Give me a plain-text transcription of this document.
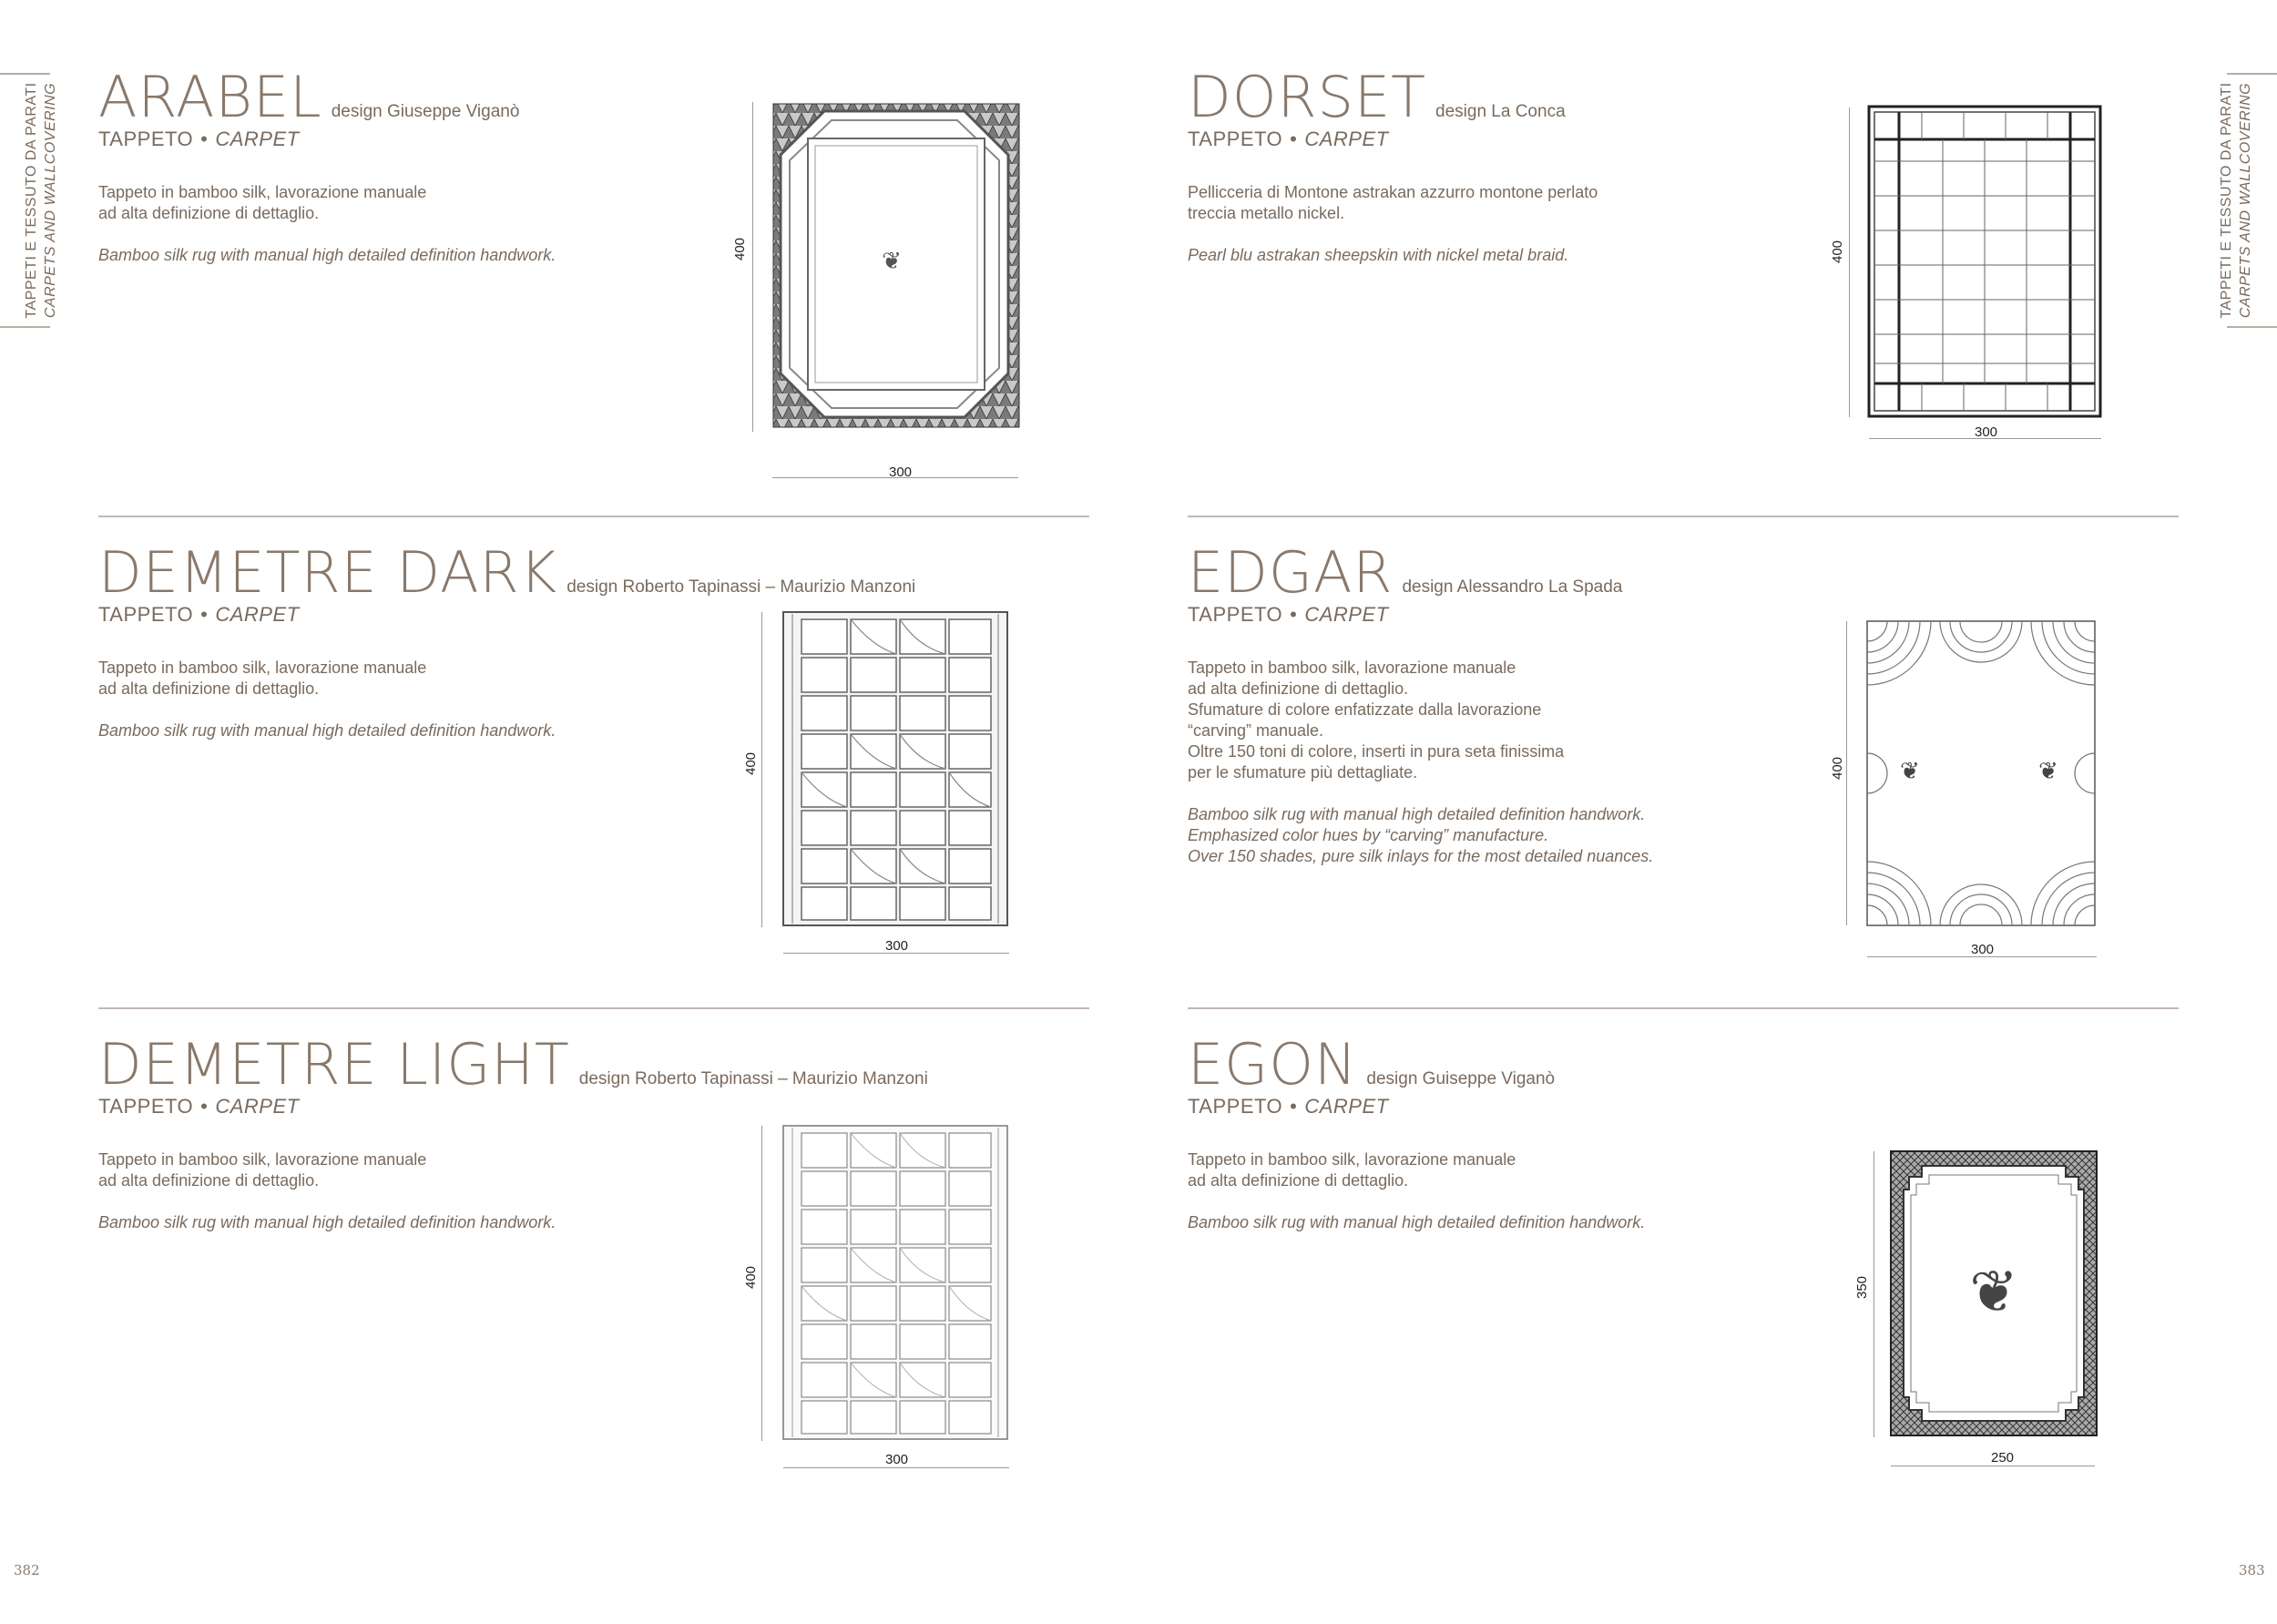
TAPPETI E TESSUTO DA PARATI CARPETS AND WALLCOVERING	TAPPETI E TESSUTO DA PARATI CARPETS AND WALLCOVERING
382	383
ARABEL design Giuseppe Viganò
TAPPETO • CARPET

Tappeto in bamboo silk, lavorazione manuale

ad alta definizione di dettaglio.

Bamboo silk rug with manual high detailed definition handwork.	❦
400
300
DORSET design La Conca
TAPPETO • CARPET

Pellicceria di Montone astrakan azzurro montone perlato

treccia metallo nickel.

Pearl blu astrakan sheepskin with nickel metal braid.	400
300
DEMETRE DARK design Roberto Tapinassi – Maurizio Manzoni
TAPPETO • CARPET

Tappeto in bamboo silk, lavorazione manuale

ad alta definizione di dettaglio.

Bamboo silk rug with manual high detailed definition handwork.

400
300
EDGAR design Alessandro La Spada
TAPPETO • CARPET

Tappeto in bamboo silk, lavorazione manuale

ad alta definizione di dettaglio.

Sfumature di colore enfatizzate dalla lavorazione

“carving” manuale.

Oltre 150 toni di colore, inserti in pura seta finissima

per le sfumature più dettagliate.

Bamboo silk rug with manual high detailed definition handwork.

Emphasized color hues by “carving” manufacture.

Over 150 shades, pure silk inlays for the most detailed nuances.

❦	❦
400
300
DEMETRE LIGHT design Roberto Tapinassi – Maurizio Manzoni
TAPPETO • CARPET

Tappeto in bamboo silk, lavorazione manuale

ad alta definizione di dettaglio.

Bamboo silk rug with manual high detailed definition handwork.

400
300
EGON design Guiseppe Viganò
TAPPETO • CARPET

Tappeto in bamboo silk, lavorazione manuale

ad alta definizione di dettaglio.

Bamboo silk rug with manual high detailed definition handwork.

❦
350
250
